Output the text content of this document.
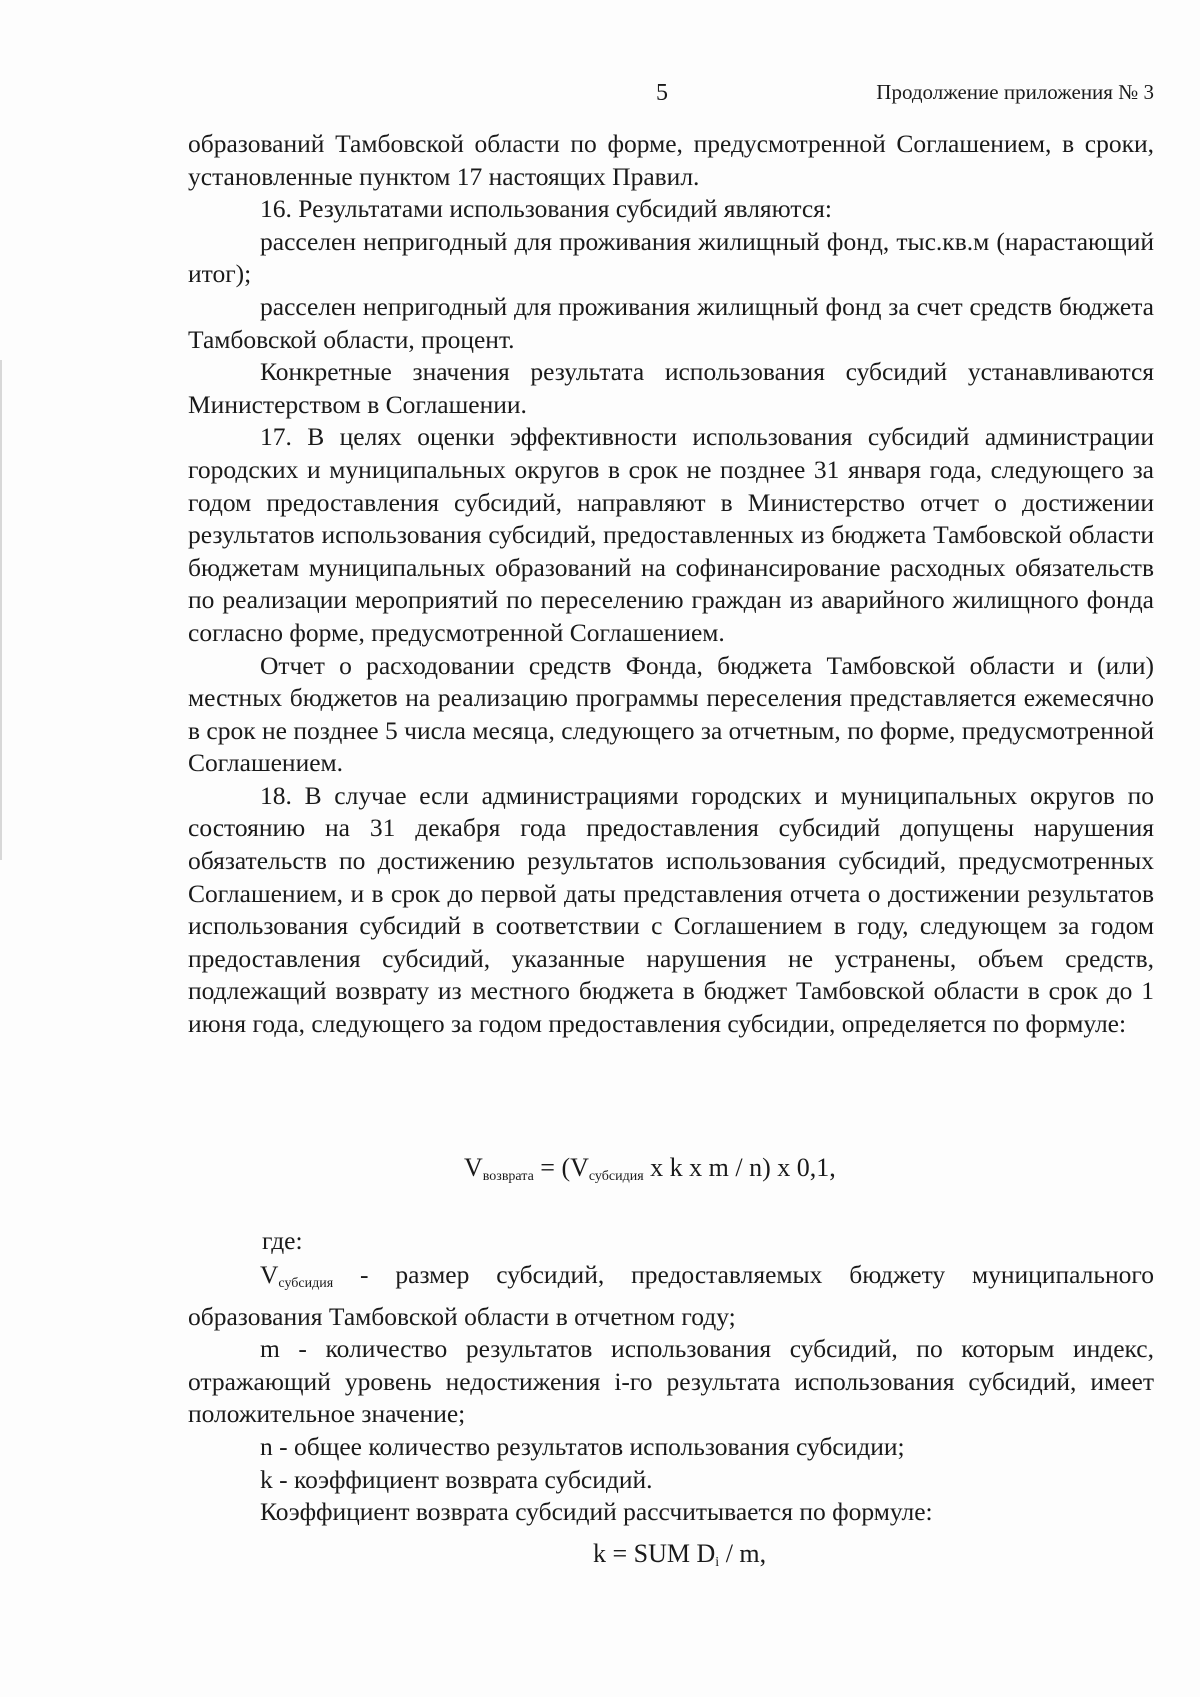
5	Продолжение приложения № 3

образований Тамбовской области по форме, предусмотренной Соглашением, в сроки, установленные пунктом 17 настоящих Правил.

16. Результатами использования субсидий являются:

расселен непригодный для проживания жилищный фонд, тыс.кв.м (нарастающий итог);

расселен непригодный для проживания жилищный фонд за счет средств бюджета Тамбовской области, процент.

Конкретные значения результата использования субсидий устанавливаются Министерством в Соглашении.

17. В целях оценки эффективности использования субсидий администрации городских и муниципальных округов в срок не позднее 31 января года, следующего за годом предоставления субсидий, направляют в Министерство отчет о достижении результатов использования субсидий, предоставленных из бюджета Тамбовской области бюджетам муниципальных образований на софинансирование расходных обязательств по реализации мероприятий по переселению граждан из аварийного жилищного фонда согласно форме, предусмотренной Соглашением.

Отчет о расходовании средств Фонда, бюджета Тамбовской области и (или) местных бюджетов на реализацию программы переселения представляется ежемесячно в срок не позднее 5 числа месяца, следующего за отчетным, по форме, предусмотренной Соглашением.

18. В случае если администрациями городских и муниципальных округов по состоянию на 31 декабря года предоставления субсидий допущены нарушения обязательств по достижению результатов использования субсидий, предусмотренных Соглашением, и в срок до первой даты представления отчета о достижении результатов использования субсидий в соответствии с Соглашением в году, следующем за годом предоставления субсидий, указанные нарушения не устранены, объем средств, подлежащий возврату из местного бюджета в бюджет Тамбовской области в срок до 1 июня года, следующего за годом предоставления субсидии, определяется по формуле:

$V_{возврата} = (V_{субсидия}$ x k x m / n) x 0,1,
где:

$V_{субсидия}$ - размер субсидий, предоставляемых бюджету муниципального образования Тамбовской области в отчетном году;

m - количество результатов использования субсидий, по которым индекс, отражающий уровень недостижения i-го результата использования субсидий, имеет положительное значение;

n - общее количество результатов использования субсидии;

k - коэффициент возврата субсидий.

Коэффициент возврата субсидий рассчитывается по формуле:

k = SUM $D_i$ / m,
